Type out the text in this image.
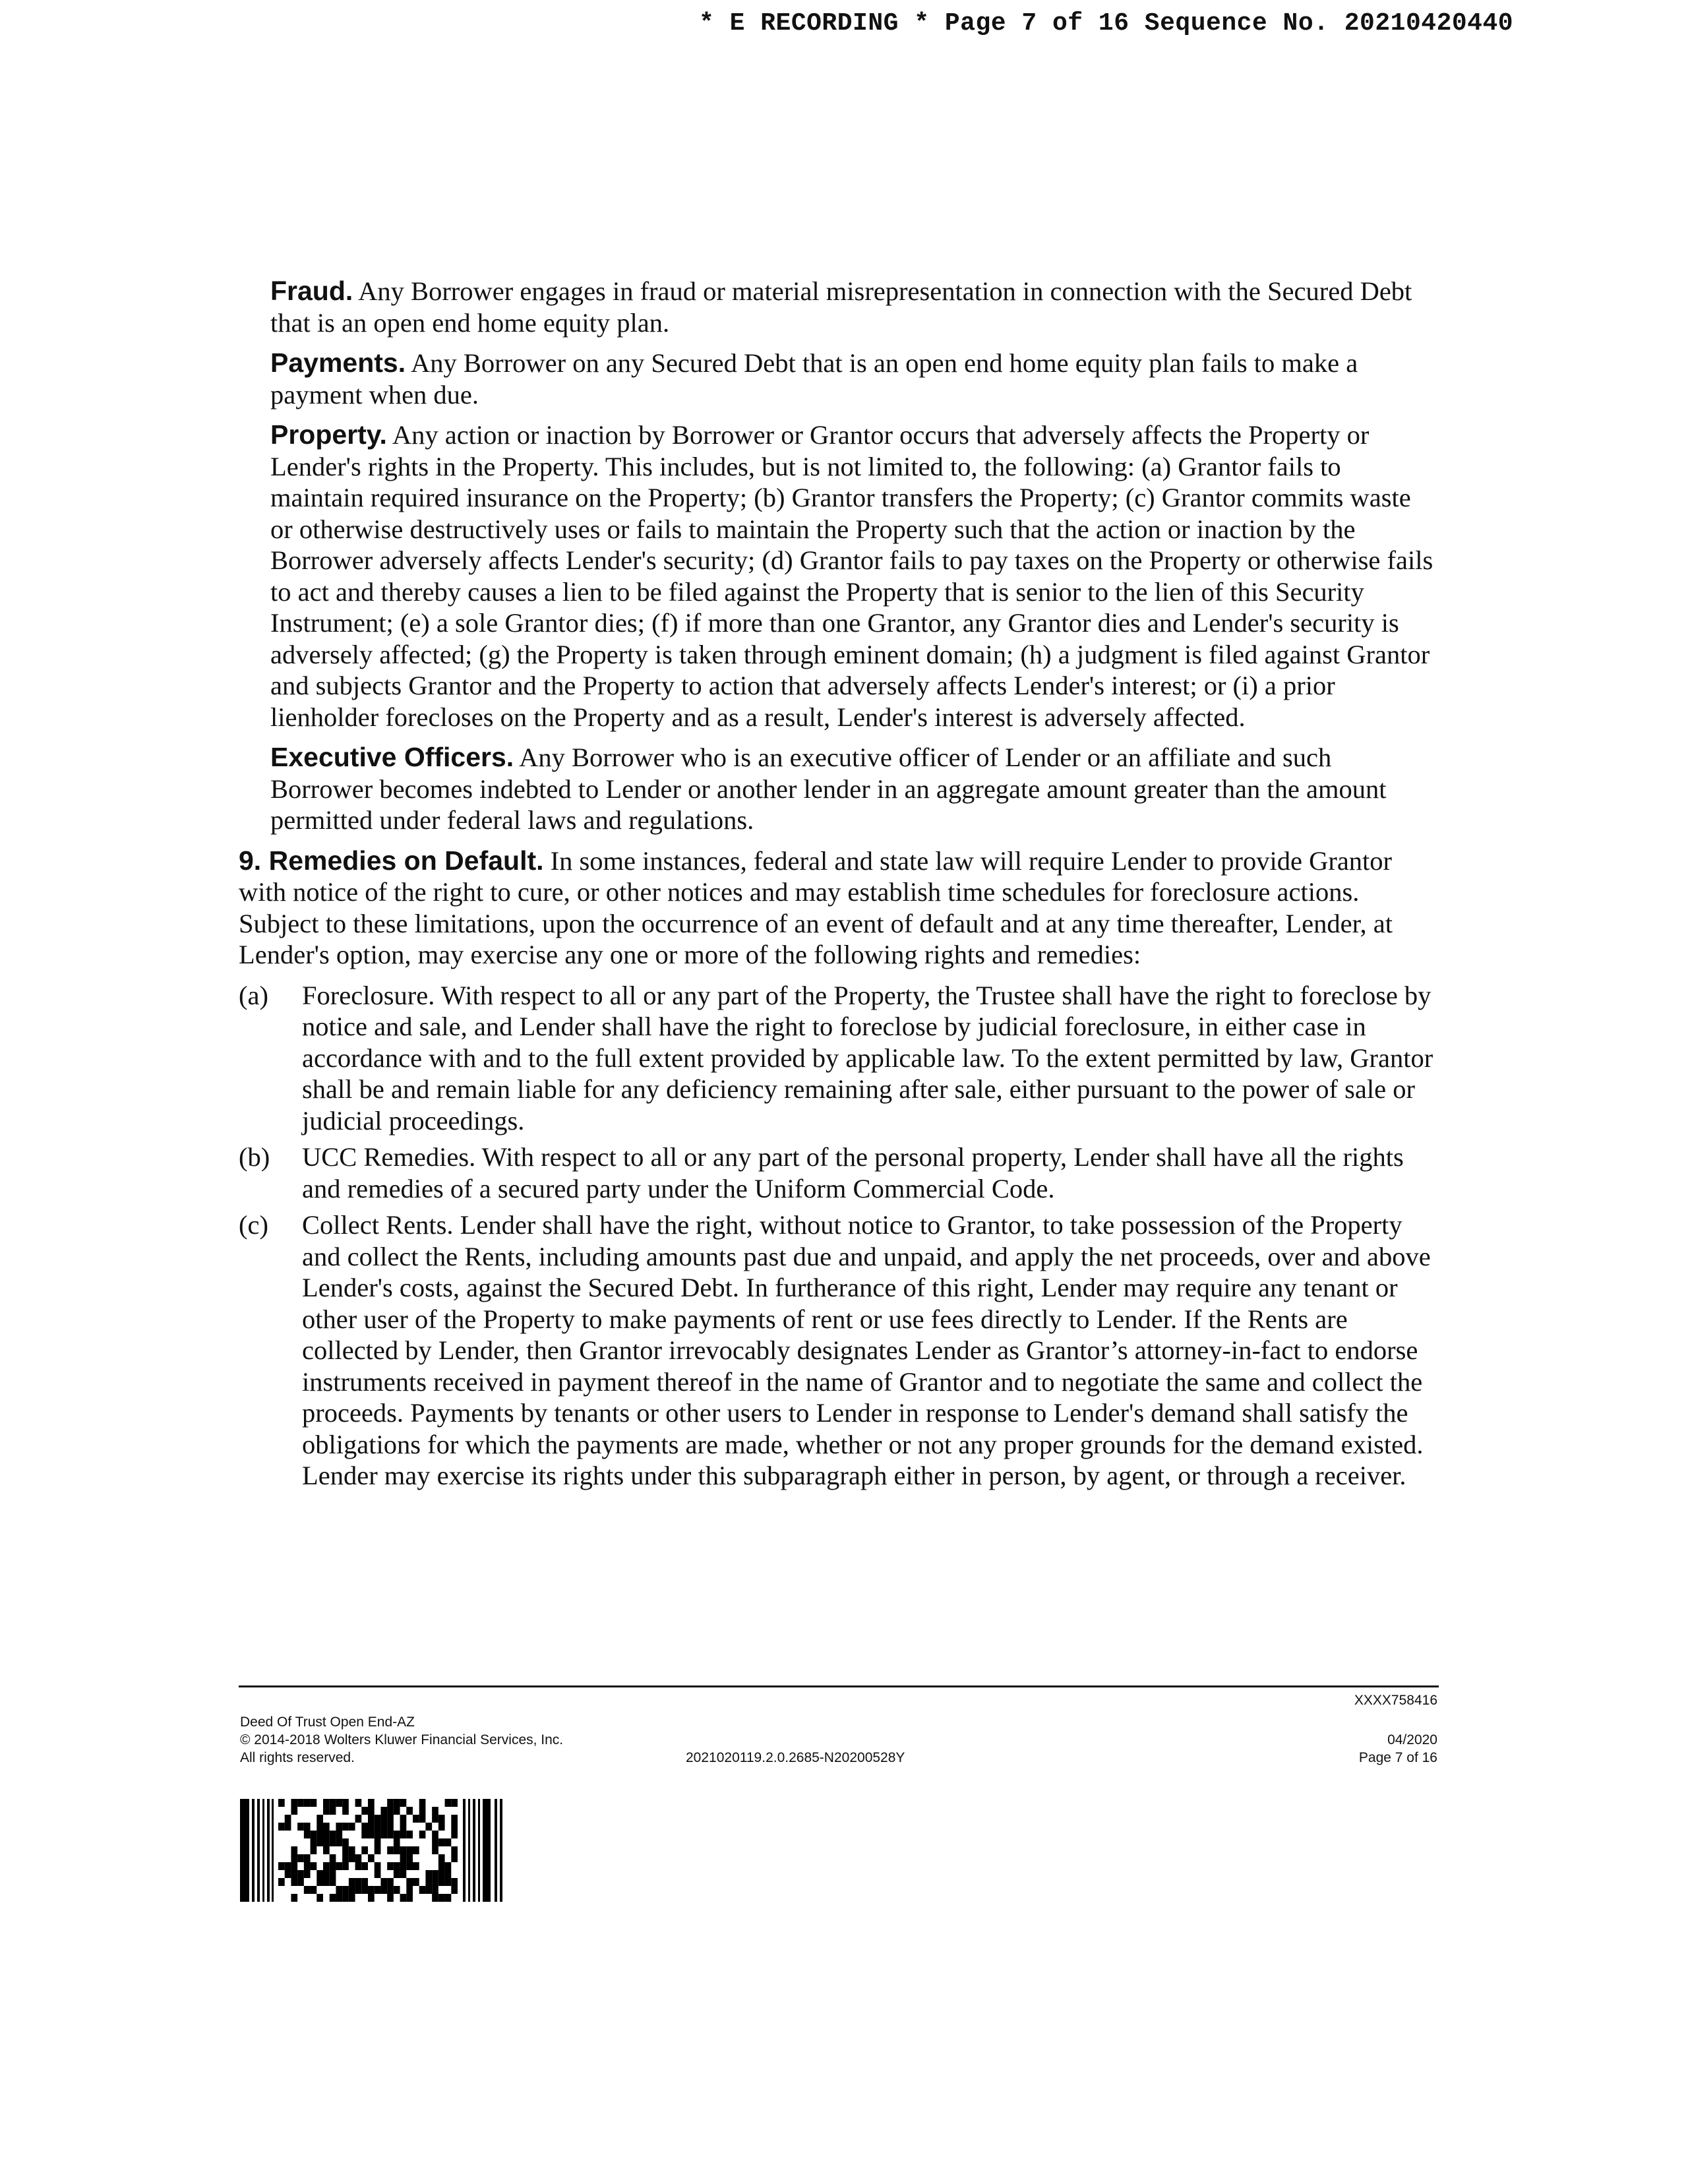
* E RECORDING * Page 7 of 16 Sequence No. 20210420440
Fraud. Any Borrower engages in fraud or material misrepresentation in connection with the Secured Debt that is an open end home equity plan.
Payments. Any Borrower on any Secured Debt that is an open end home equity plan fails to make a payment when due.
Property. Any action or inaction by Borrower or Grantor occurs that adversely affects the Property or Lender's rights in the Property. This includes, but is not limited to, the following: (a) Grantor fails to maintain required insurance on the Property; (b) Grantor transfers the Property; (c) Grantor commits waste or otherwise destructively uses or fails to maintain the Property such that the action or inaction by the Borrower adversely affects Lender's security; (d) Grantor fails to pay taxes on the Property or otherwise fails to act and thereby causes a lien to be filed against the Property that is senior to the lien of this Security Instrument; (e) a sole Grantor dies; (f) if more than one Grantor, any Grantor dies and Lender's security is adversely affected; (g) the Property is taken through eminent domain; (h) a judgment is filed against Grantor and subjects Grantor and the Property to action that adversely affects Lender's interest; or (i) a prior lienholder forecloses on the Property and as a result, Lender's interest is adversely affected.
Executive Officers. Any Borrower who is an executive officer of Lender or an affiliate and such Borrower becomes indebted to Lender or another lender in an aggregate amount greater than the amount permitted under federal laws and regulations.
9. Remedies on Default. In some instances, federal and state law will require Lender to provide Grantor with notice of the right to cure, or other notices and may establish time schedules for foreclosure actions. Subject to these limitations, upon the occurrence of an event of default and at any time thereafter, Lender, at Lender's option, may exercise any one or more of the following rights and remedies:
(a)	Foreclosure. With respect to all or any part of the Property, the Trustee shall have the right to foreclose by notice and sale, and Lender shall have the right to foreclose by judicial foreclosure, in either case in accordance with and to the full extent provided by applicable law. To the extent permitted by law, Grantor shall be and remain liable for any deficiency remaining after sale, either pursuant to the power of sale or judicial proceedings.
(b)	UCC Remedies. With respect to all or any part of the personal property, Lender shall have all the rights and remedies of a secured party under the Uniform Commercial Code.
(c)	Collect Rents. Lender shall have the right, without notice to Grantor, to take possession of the Property and collect the Rents, including amounts past due and unpaid, and apply the net proceeds, over and above Lender's costs, against the Secured Debt. In furtherance of this right, Lender may require any tenant or other user of the Property to make payments of rent or use fees directly to Lender. If the Rents are collected by Lender, then Grantor irrevocably designates Lender as Grantor’s attorney-in-fact to endorse instruments received in payment thereof in the name of Grantor and to negotiate the same and collect the proceeds. Payments by tenants or other users to Lender in response to Lender's demand shall satisfy the obligations for which the payments are made, whether or not any proper grounds for the demand existed. Lender may exercise its rights under this subparagraph either in person, by agent, or through a receiver.
XXXX758416
Deed Of Trust Open End-AZ
© 2014-2018 Wolters Kluwer Financial Services, Inc.
All rights reserved.	2021020119.2.0.2685-N20200528Y
04/2020
Page 7 of 16
